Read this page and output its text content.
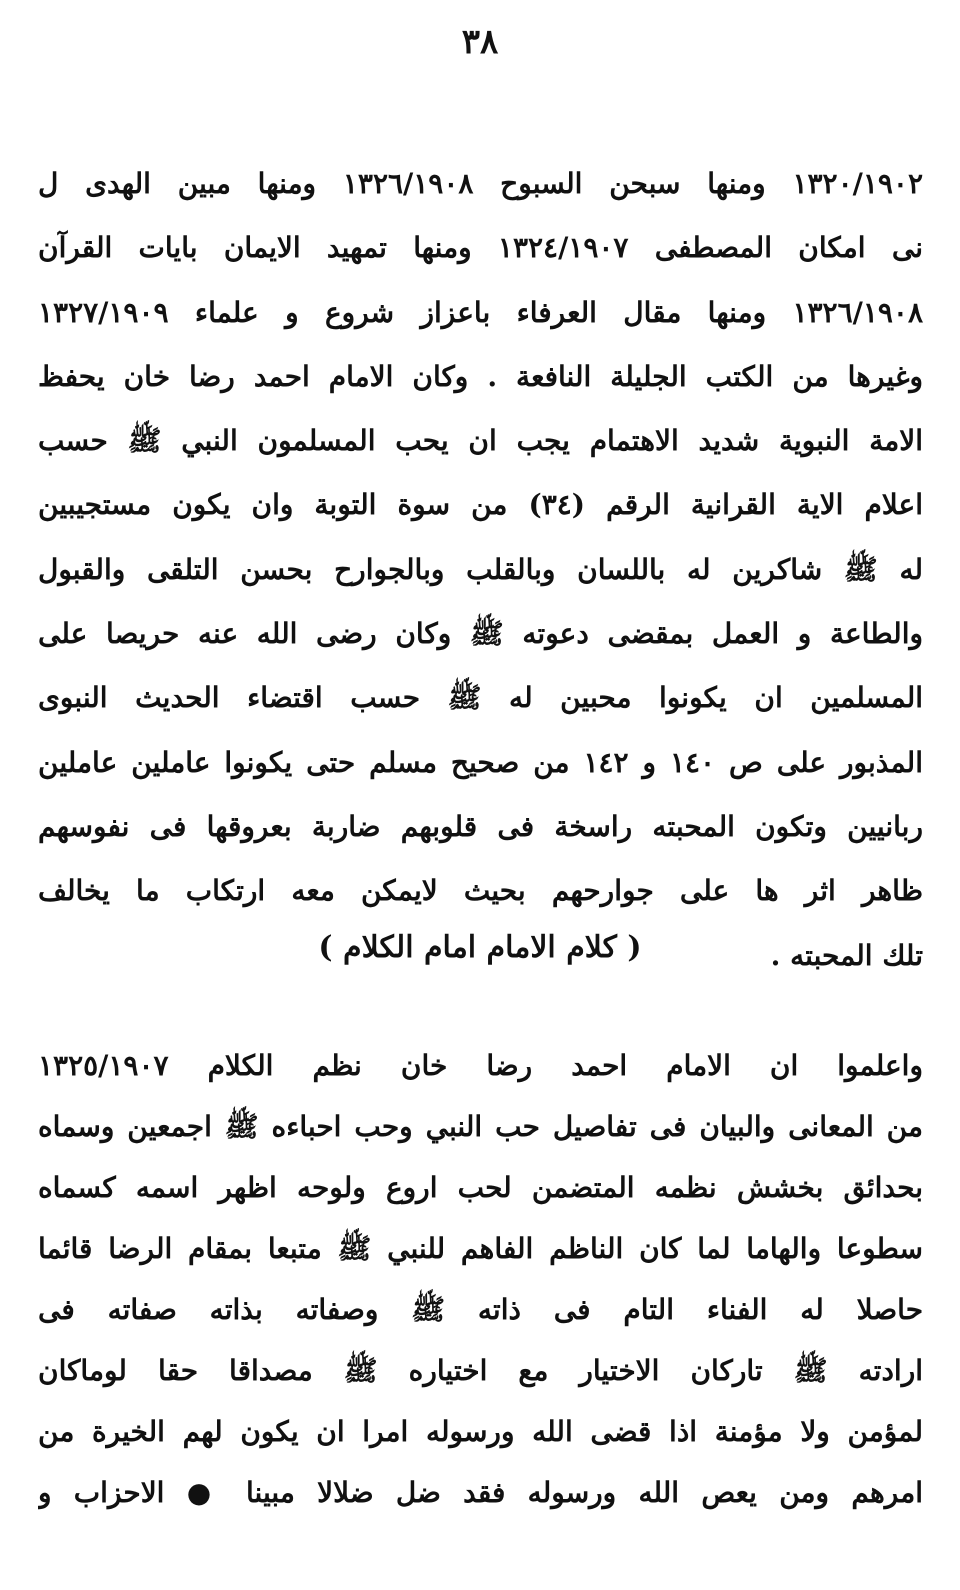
٣٨
١٣٢٠/١٩٠٢ ومنها سبحن السبوح ١٣٢٦/١٩٠٨ ومنها مبين الهدى ل
نى امكان المصطفى ١٣٢٤/١٩٠٧ ومنها تمهيد الايمان بايات القرآن
١٣٢٦/١٩٠٨ ومنها مقال العرفاء باعزاز شروع و علماء ١٣٢٧/١٩٠٩
وغيرها من الكتب الجليلة النافعة . وكان الامام احمد رضا خان يحفظ
الامة النبوية شديد الاهتمام يجب ان يحب المسلمون النبي ﷺ حسب
اعلام الاية القرانية الرقم (٣٤) من سوة التوبة وان يكون مستجيبين
له ﷺ شاكرين له باللسان وبالقلب وبالجوارح بحسن التلقى والقبول
والطاعة و العمل بمقضى دعوته ﷺ وكان رضى الله عنه حريصا على
المسلمين ان يكونوا محبين له ﷺ حسب اقتضاء الحديث النبوى
المذبور على ص ١٤٠ و ١٤٢ من صحيح مسلم حتى يكونوا عاملين عاملين
ربانيين وتكون المحبته راسخة فى قلوبهم ضاربة بعروقها فى نفوسهم
ظاهر اثر ها على جوارحهم بحيث لايمكن معه ارتكاب ما يخالف
تلك المحبته .
( كلام الامام امام الكلام )
واعلموا ان الامام احمد رضا خان نظم الكلام ١٣٢٥/١٩٠٧
من المعانى والبيان فى تفاصيل حب النبي وحب احباءه ﷺ اجمعين وسماه
بحدائق بخشش نظمه المتضمن لحب اروع ولوحه اظهر اسمه كسماه
سطوعا والهاما لما كان الناظم الفاهم للنبي ﷺ متبعا بمقام الرضا قائما
حاصلا له الفناء التام فى ذاته ﷺ وصفاته بذاته صفاته فى
ارادته ﷺ تاركان الاختيار مع اختياره ﷺ مصداقا حقا لوماكان
لمؤمن ولا مؤمنة اذا قضى الله ورسوله امرا ان يكون لهم الخيرة من
امرهم ومن يعص الله ورسوله فقد ضل ضلالا مبينا ● الاحزاب و
